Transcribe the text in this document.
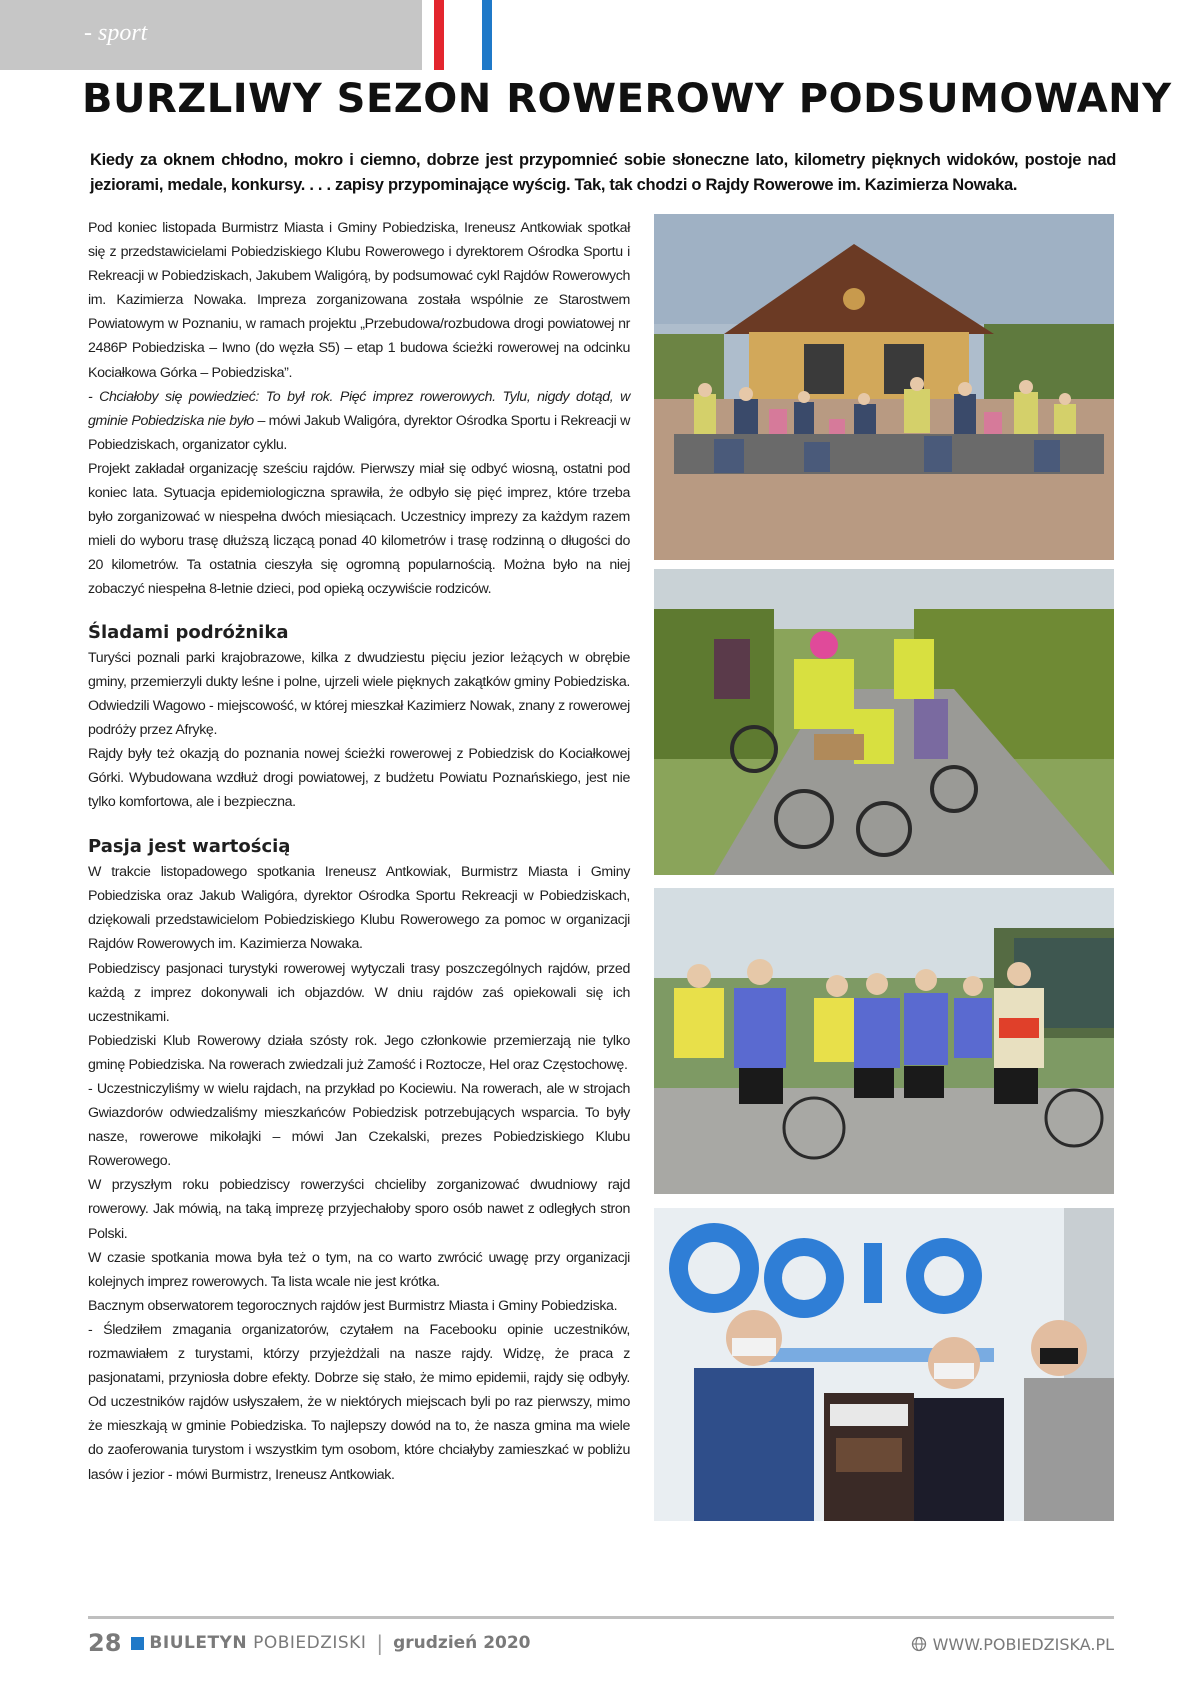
- sport
BURZLIWY SEZON ROWEROWY PODSUMOWANY

Kiedy za oknem chłodno, mokro i ciemno, dobrze jest przypomnieć sobie słoneczne lato, kilometry pięknych widoków, postoje nad jeziorami, medale, konkursy. . . . zapisy przypominające wyścig. Tak, tak chodzi o Rajdy Rowerowe im. Kazimierza Nowaka.

Pod koniec listopada Burmistrz Miasta i Gminy Pobiedziska, Ireneusz Antkowiak spotkał się z przedstawicielami Pobiedziskiego Klubu Rowerowego i dyrektorem Ośrodka Sportu i Rekreacji w Pobiedziskach, Jakubem Waligórą, by podsumować cykl Rajdów Rowerowych im. Kazimierza Nowaka. Impreza zorganizowana została wspólnie ze Starostwem Powiatowym w Poznaniu, w ramach projektu „Przebudowa/rozbudowa drogi powiatowej nr 2486P Pobiedziska – Iwno (do węzła S5) – etap 1 budowa ścieżki rowerowej na odcinku Kociałkowa Górka – Pobiedziska”.

- Chciałoby się powiedzieć: To był rok. Pięć imprez rowerowych. Tylu, nigdy dotąd, w gminie Pobiedziska nie było – mówi Jakub Waligóra, dyrektor Ośrodka Sportu i Rekreacji w Pobiedziskach, organizator cyklu.

Projekt zakładał organizację sześciu rajdów. Pierwszy miał się odbyć wiosną, ostatni pod koniec lata. Sytuacja epidemiologiczna sprawiła, że odbyło się pięć imprez, które trzeba było zorganizować w niespełna dwóch miesiącach. Uczestnicy imprezy za każdym razem mieli do wyboru trasę dłuższą liczącą ponad 40 kilometrów i trasę rodzinną o długości do 20 kilometrów. Ta ostatnia cieszyła się ogromną popularnością. Można było na niej zobaczyć niespełna 8-letnie dzieci, pod opieką oczywiście rodziców.

Śladami podróżnika

Turyści poznali parki krajobrazowe, kilka z dwudziestu pięciu jezior leżących w obrębie gminy, przemierzyli dukty leśne i polne, ujrzeli wiele pięknych zakątków gminy Pobiedziska. Odwiedzili Wagowo - miejscowość, w której mieszkał Kazimierz Nowak, znany z rowerowej podróży przez Afrykę.

Rajdy były też okazją do poznania nowej ścieżki rowerowej z Pobiedzisk do Kociałkowej Górki. Wybudowana wzdłuż drogi powiatowej, z budżetu Powiatu Poznańskiego, jest nie tylko komfortowa, ale i bezpieczna.

Pasja jest wartością

W trakcie listopadowego spotkania Ireneusz Antkowiak, Burmistrz Miasta i Gminy Pobiedziska oraz Jakub Waligóra, dyrektor Ośrodka Sportu Rekreacji w Pobiedziskach, dziękowali przedstawicielom Pobiedziskiego Klubu Rowerowego za pomoc w organizacji Rajdów Rowerowych im. Kazimierza Nowaka.

Pobiedziscy pasjonaci turystyki rowerowej wytyczali trasy poszczególnych rajdów, przed każdą z imprez dokonywali ich objazdów. W dniu rajdów zaś opiekowali się ich uczestnikami.

Pobiedziski Klub Rowerowy działa szósty rok. Jego członkowie przemierzają nie tylko gminę Pobiedziska. Na rowerach zwiedzali już Zamość i Roztocze, Hel oraz Częstochowę.

- Uczestniczyliśmy w wielu rajdach, na przykład po Kociewiu. Na rowerach, ale w strojach Gwiazdorów odwiedzaliśmy mieszkańców Pobiedzisk potrzebujących wsparcia. To były nasze, rowerowe mikołajki – mówi Jan Czekalski, prezes Pobiedziskiego Klubu Rowerowego.

W przyszłym roku pobiedziscy rowerzyści chcieliby zorganizować dwudniowy rajd rowerowy. Jak mówią, na taką imprezę przyjechałoby sporo osób nawet z odległych stron Polski.

W czasie spotkania mowa była też o tym, na co warto zwrócić uwagę przy organizacji kolejnych imprez rowerowych. Ta lista wcale nie jest krótka.

Bacznym obserwatorem tegorocznych rajdów jest Burmistrz Miasta i Gminy Pobiedziska.

- Śledziłem zmagania organizatorów, czytałem na Facebooku opinie uczestników, rozmawiałem z turystami, którzy przyjeżdżali na nasze rajdy. Widzę, że praca z pasjonatami, przyniosła dobre efekty. Dobrze się stało, że mimo epidemii, rajdy się odbyły. Od uczestników rajdów usłyszałem, że w niektórych miejscach byli po raz pierwszy, mimo że mieszkają w gminie Pobiedziska. To najlepszy dowód na to, że nasza gmina ma wiele do zaoferowania turystom i wszystkim tym osobom, które chciałyby zamieszkać w pobliżu lasów i jezior - mówi Burmistrz, Ireneusz Antkowiak.

28 BIULETYN POBIEDZISKI | grudzień 2020	WWW.POBIEDZISKA.PL
